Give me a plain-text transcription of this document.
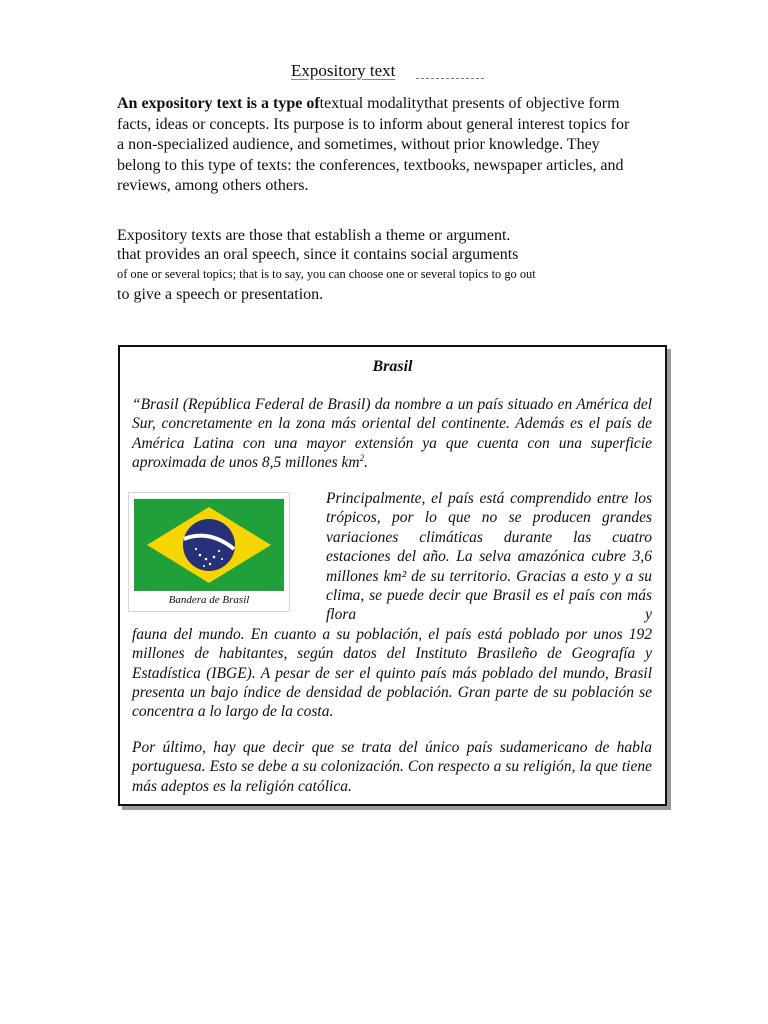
Expository text

An expository text is a type oftextual modalitythat presents of objective form facts, ideas or concepts. Its purpose is to inform about general interest topics for a non-specialized audience, and sometimes, without prior knowledge. They belong to this type of texts: the conferences, textbooks, newspaper articles, and reviews, among others others.

Expository texts are those that establish a theme or argument.
that provides an oral speech, since it contains social arguments
of one or several topics; that is to say, you can choose one or several topics to go out
to give a speech or presentation.

Brasil

“Brasil (República Federal de Brasil) da nombre a un país situado en América del Sur, concretamente en la zona más oriental del continente. Además es el país de América Latina con una mayor extensión ya que cuenta con una superficie aproximada de unos 8,5 millones $km^2$.

Bandera de Brasil

Principalmente, el país está comprendido entre los trópicos, por lo que no se producen grandes variaciones climáticas durante las cuatro estaciones del año. La selva amazónica cubre 3,6 millones km² de su territorio. Gracias a esto y a su clima, se puede decir que Brasil es el país con más flora y
fauna del mundo. En cuanto a su población, el país está poblado por unos 192 millones de habitantes, según datos del Instituto Brasileño de Geografía y Estadística (IBGE). A pesar de ser el quinto país más poblado del mundo, Brasil presenta un bajo índice de densidad de población. Gran parte de su población se concentra a lo largo de la costa.

Por último, hay que decir que se trata del único país sudamericano de habla portuguesa. Esto se debe a su colonización. Con respecto a su religión, la que tiene más adeptos es la religión católica.
